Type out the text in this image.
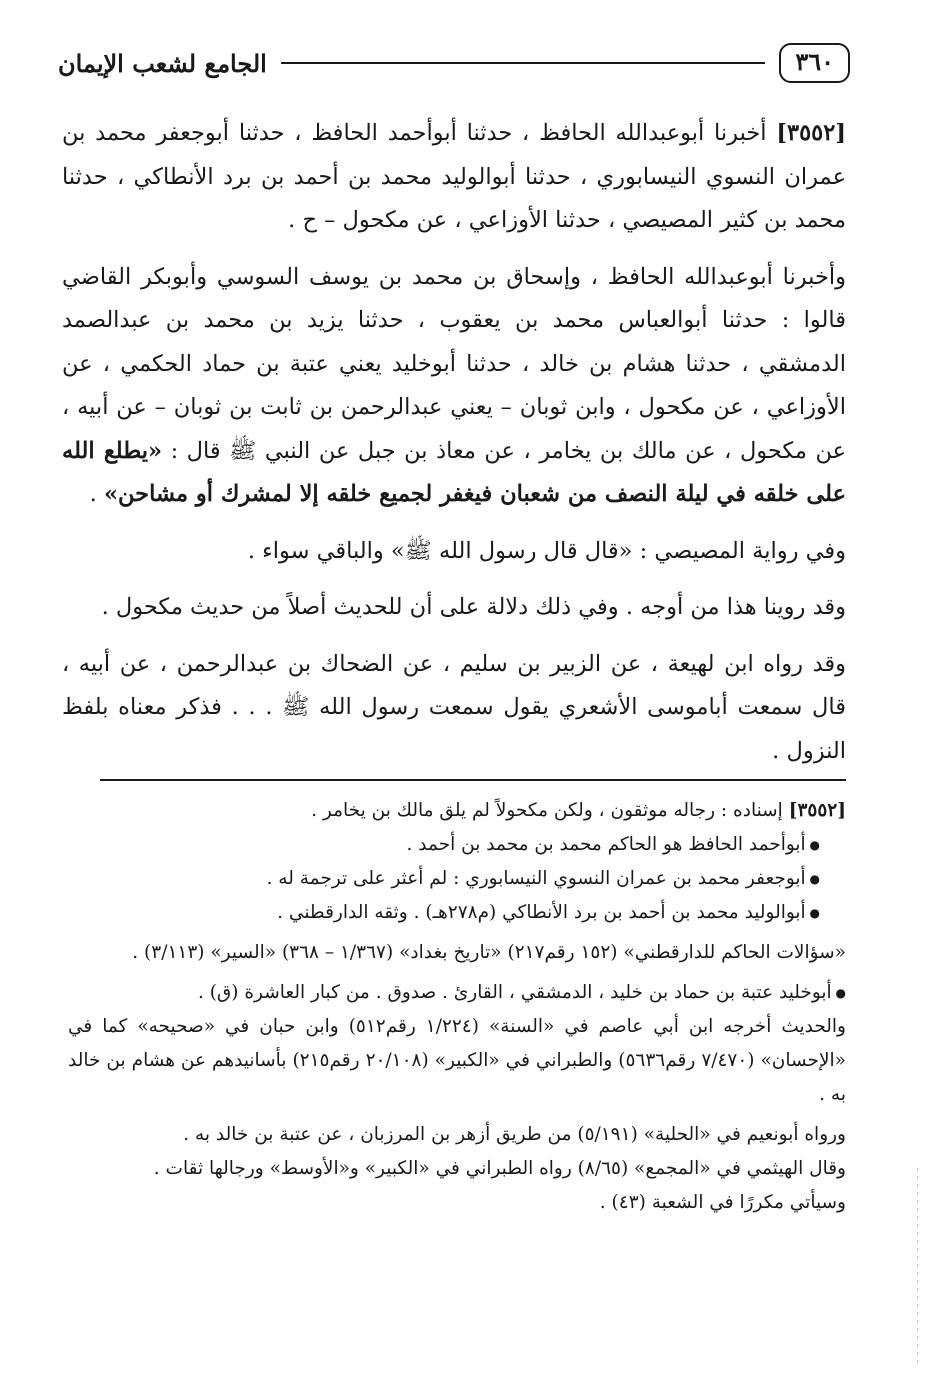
٣٦٠
الجامع لشعب الإيمان

[٣٥٥٢] أخبرنا أبوعبدالله الحافظ ، حدثنا أبوأحمد الحافظ ، حدثنا أبوجعفر محمد بن عمران النسوي النيسابوري ، حدثنا أبوالوليد محمد بن أحمد بن برد الأنطاكي ، حدثنا محمد بن كثير المصيصي ، حدثنا الأوزاعي ، عن مكحول – ح .

وأخبرنا أبوعبدالله الحافظ ، وإسحاق بن محمد بن يوسف السوسي وأبوبكر القاضي قالوا : حدثنا أبوالعباس محمد بن يعقوب ، حدثنا يزيد بن محمد بن عبدالصمد الدمشقي ، حدثنا هشام بن خالد ، حدثنا أبوخليد يعني عتبة بن حماد الحكمي ، عن الأوزاعي ، عن مكحول ، وابن ثوبان – يعني عبدالرحمن بن ثابت بن ثوبان – عن أبيه ، عن مكحول ، عن مالك بن يخامر ، عن معاذ بن جبل عن النبي ﷺ قال : «يطلع الله على خلقه في ليلة النصف من شعبان فيغفر لجميع خلقه إلا لمشرك أو مشاحن» .

وفي رواية المصيصي : «قال قال رسول الله ﷺ» والباقي سواء .

وقد روينا هذا من أوجه . وفي ذلك دلالة على أن للحديث أصلاً من حديث مكحول .

وقد رواه ابن لهيعة ، عن الزبير بن سليم ، عن الضحاك بن عبدالرحمن ، عن أبيه ، قال سمعت أباموسى الأشعري يقول سمعت رسول الله ﷺ . . . فذكر معناه بلفظ النزول .

[٣٥٥٢] إسناده : رجاله موثقون ، ولكن مكحولاً لم يلق مالك بن يخامر .

● أبوأحمد الحافظ هو الحاكم محمد بن محمد بن أحمد .

● أبوجعفر محمد بن عمران النسوي النيسابوري : لم أعثر على ترجمة له .

● أبوالوليد محمد بن أحمد بن برد الأنطاكي (م٢٧٨هـ) . وثقه الدارقطني .

«سؤالات الحاكم للدارقطني» (١٥٢ رقم٢١٧) «تاريخ بغداد» (١/٣٦٧ – ٣٦٨) «السير» (٣/١١٣) .

● أبوخليد عتبة بن حماد بن خليد ، الدمشقي ، القارئ . صدوق . من كبار العاشرة (ق) .

والحديث أخرجه ابن أبي عاصم في «السنة» (١/٢٢٤ رقم٥١٢) وابن حبان في «صحيحه» كما في «الإحسان» (٧/٤٧٠ رقم٥٦٣٦) والطبراني في «الكبير» (٢٠/١٠٨ رقم٢١٥) بأسانيدهم عن هشام بن خالد به .

ورواه أبونعيم في «الحلية» (٥/١٩١) من طريق أزهر بن المرزبان ، عن عتبة بن خالد به .

وقال الهيثمي في «المجمع» (٨/٦٥) رواه الطبراني في «الكبير» و«الأوسط» ورجالها ثقات .

وسيأتي مكررًا في الشعبة (٤٣) .
